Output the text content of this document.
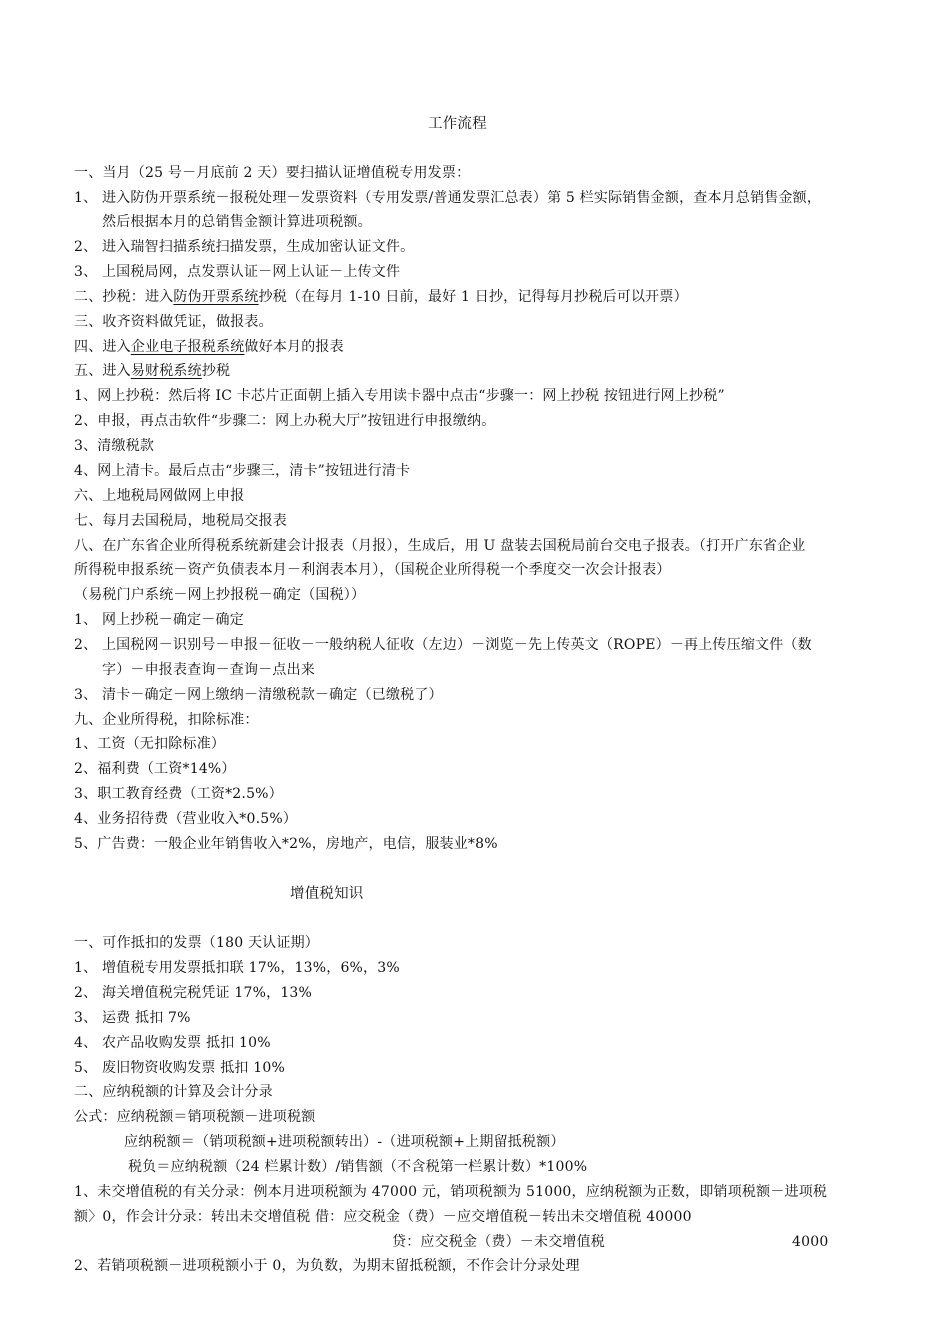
工作流程
一、当月（25 号－月底前 2 天）要扫描认证增值税专用发票：
1、 进入防伪开票系统－报税处理－发票资料（专用发票/普通发票汇总表）第 5 栏实际销售金额，查本月总销售金额，
然后根据本月的总销售金额计算进项税额。
2、 进入瑞智扫描系统扫描发票，生成加密认证文件。
3、 上国税局网，点发票认证－网上认证－上传文件
二、抄税：进入防伪开票系统抄税（在每月 1-10 日前，最好 1 日抄，记得每月抄税后可以开票）
三、收齐资料做凭证，做报表。
四、进入企业电子报税系统做好本月的报表
五、进入易财税系统抄税
1、网上抄税：然后将 IC 卡芯片正面朝上插入专用读卡器中点击“步骤一：网上抄税 按钮进行网上抄税”
2、申报，再点击软件“步骤二：网上办税大厅”按钮进行申报缴纳。
3、清缴税款
4、网上清卡。最后点击“步骤三，清卡”按钮进行清卡
六、上地税局网做网上申报
七、每月去国税局，地税局交报表
八、在广东省企业所得税系统新建会计报表（月报），生成后，用 U 盘装去国税局前台交电子报表。（打开广东省企业
所得税申报系统－资产负债表本月－利润表本月），（国税企业所得税一个季度交一次会计报表）
（易税门户系统－网上抄报税－确定（国税））
1、 网上抄税－确定－确定
2、 上国税网－识别号－申报－征收－一般纳税人征收（左边）－浏览－先上传英文（ROPE）－再上传压缩文件（数
字）－申报表查询－查询－点出来
3、 清卡－确定－网上缴纳－清缴税款－确定（已缴税了）
九、企业所得税，扣除标准：
1、工资（无扣除标准）
2、福利费（工资*14%）
3、职工教育经费（工资*2.5%）
4、业务招待费（营业收入*0.5%）
5、广告费：一般企业年销售收入*2%，房地产，电信，服装业*8%
增值税知识
一、可作抵扣的发票（180 天认证期）
1、 增值税专用发票抵扣联 17%，13%，6%，3%
2、 海关增值税完税凭证 17%，13%
3、 运费 抵扣 7%
4、 农产品收购发票 抵扣 10%
5、 废旧物资收购发票 抵扣 10%
二、应纳税额的计算及会计分录
公式：应纳税额＝销项税额－进项税额
应纳税额＝（销项税额+进项税额转出）-（进项税额+上期留抵税额）
税负＝应纳税额（24 栏累计数）/销售额（不含税第一栏累计数）*100%
1、未交增值税的有关分录：例本月进项税额为 47000 元，销项税额为 51000，应纳税额为正数，即销项税额－进项税
额〉0，作会计分录：转出未交增值税 借：应交税金（费）－应交增值税－转出未交增值税 40000
贷：应交税金（费）－未交增值税	4000
2、若销项税额－进项税额小于 0，为负数，为期末留抵税额，不作会计分录处理
